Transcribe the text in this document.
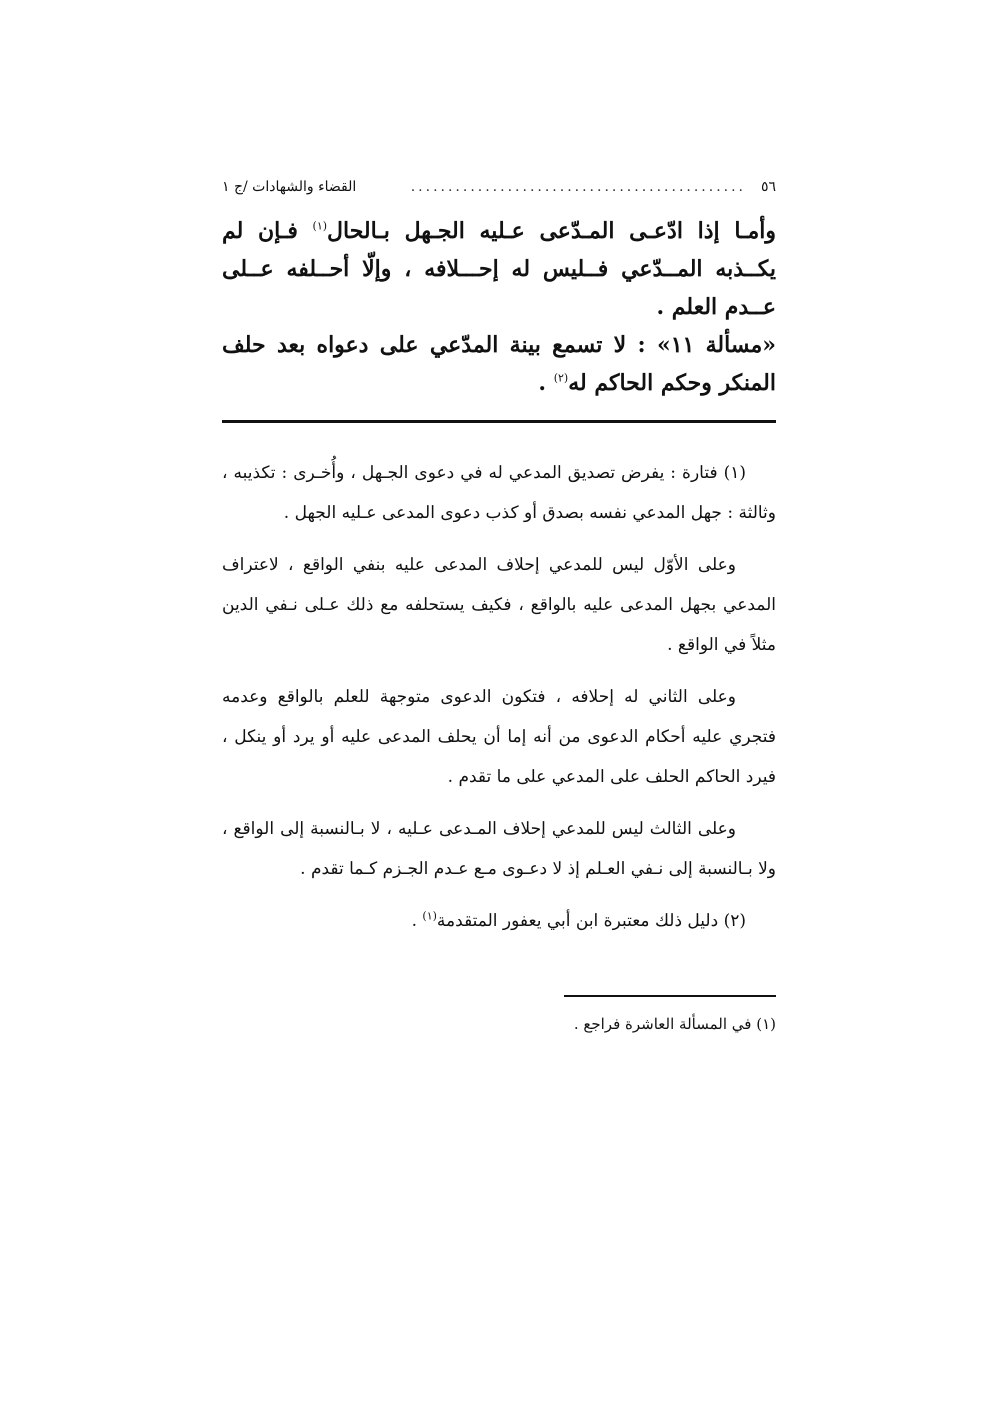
٥٦
.............................................
القضاء والشهادات /ج ١

وأمـا إذا ادّعـى المـدّعى عـليه الجـهل بـالحال$^{(١)}$ فـإن لم يكــذبه المــدّعي فــليس له إحـــلافه ، وإلّا أحــلفه عــلى عــدم العلم .

«مسألة ١١» : لا تسمع بينة المدّعي على دعواه بعد حلف المنكر وحكم الحاكم له$^{(٢)}$ .

(١) فتارة : يفرض تصديق المدعي له في دعوى الجـهل ، وأُخـرى : تكذيبه ، وثالثة : جهل المدعي نفسه بصدق أو كذب دعوى المدعى عـليه الجهل .

وعلى الأوّل ليس للمدعي إحلاف المدعى عليه بنفي الواقع ، لاعتراف المدعي بجهل المدعى عليه بالواقع ، فكيف يستحلفه مع ذلك عـلى نـفي الدين مثلاً في الواقع .

وعلى الثاني له إحلافه ، فتكون الدعوى متوجهة للعلم بالواقع وعدمه فتجري عليه أحكام الدعوى من أنه إما أن يحلف المدعى عليه أو يرد أو ينكل ، فيرد الحاكم الحلف على المدعي على ما تقدم .

وعلى الثالث ليس للمدعي إحلاف المـدعى عـليه ، لا بـالنسبة إلى الواقع ، ولا بـالنسبة إلى نـفي العـلم إذ لا دعـوى مـع عـدم الجـزم كـما تقدم .

(٢) دليل ذلك معتبرة ابن أبي يعفور المتقدمة$^{(١)}$ .

(١) في المسألة العاشرة فراجع .
